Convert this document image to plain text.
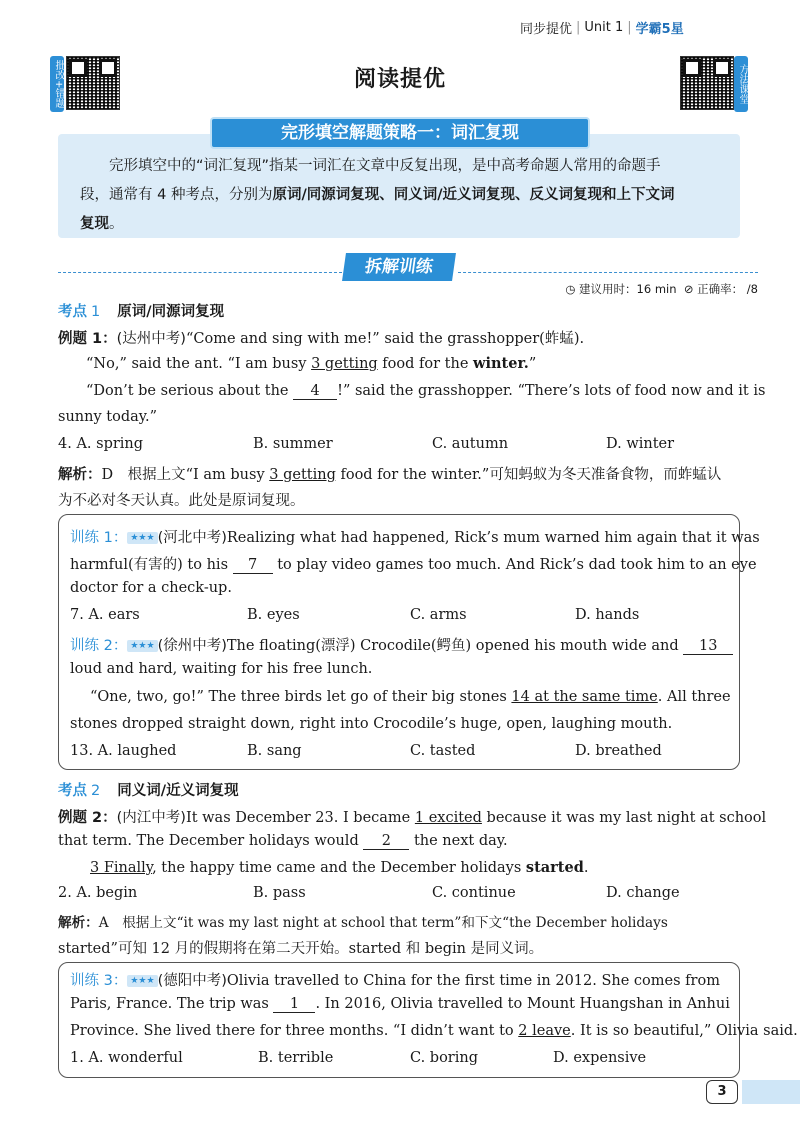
同步提优 | Unit 1 | 学霸5星
批改+错题	方法课堂
阅读提优
完形填空解题策略一：词汇复现
完形填空中的“词汇复现”指某一词汇在文章中反复出现，是中高考命题人常用的命题手
段，通常有 4 种考点，分别为原词/同源词复现、同义词/近义词复现、反义词复现和上下文词
复现。
拆解训练
◷ 建议用时：16 min ⊘ 正确率： /8
考点 1 原词/同源词复现
例题 1：(达州中考)“Come and sing with me!” said the grasshopper(蚱蜢).
“No,” said the ant. “I am busy 3 getting food for the winter.”
“Don’t be serious about the 4 !” said the grasshopper. “There’s lots of food now and it is
sunny today.”
4. A. spring	B. summer	C. autumn	D. winter
解析：D　根据上文“I am busy 3 getting food for the winter.”可知蚂蚁为冬天准备食物，而蚱蜢认
为不必对冬天认真。此处是原词复现。
训练 1： ★★★ (河北中考)Realizing what had happened, Rick’s mum warned him again that it was
harmful(有害的) to his 7 to play video games too much. And Rick’s dad took him to an eye
doctor for a check-up.
7. A. ears	B. eyes	C. arms	D. hands
训练 2： ★★★ (徐州中考)The floating(漂浮) Crocodile(鳄鱼) opened his mouth wide and 13
loud and hard, waiting for his free lunch.
“One, two, go!” The three birds let go of their big stones 14 at the same time. All three
stones dropped straight down, right into Crocodile’s huge, open, laughing mouth.
13. A. laughed	B. sang	C. tasted	D. breathed
考点 2 同义词/近义词复现
例题 2：(内江中考)It was December 23. I became 1 excited because it was my last night at school
that term. The December holidays would 2 the next day.
3 Finally, the happy time came and the December holidays started.
2. A. begin	B. pass	C. continue	D. change
解析：A　根据上文“it was my last night at school that term”和下文“the December holidays
started”可知 12 月的假期将在第二天开始。started 和 begin 是同义词。
训练 3： ★★★ (德阳中考)Olivia travelled to China for the first time in 2012. She comes from
Paris, France. The trip was 1 . In 2016, Olivia travelled to Mount Huangshan in Anhui
Province. She lived there for three months. “I didn’t want to 2 leave. It is so beautiful,” Olivia said.
1. A. wonderful	B. terrible	C. boring	D. expensive
3
